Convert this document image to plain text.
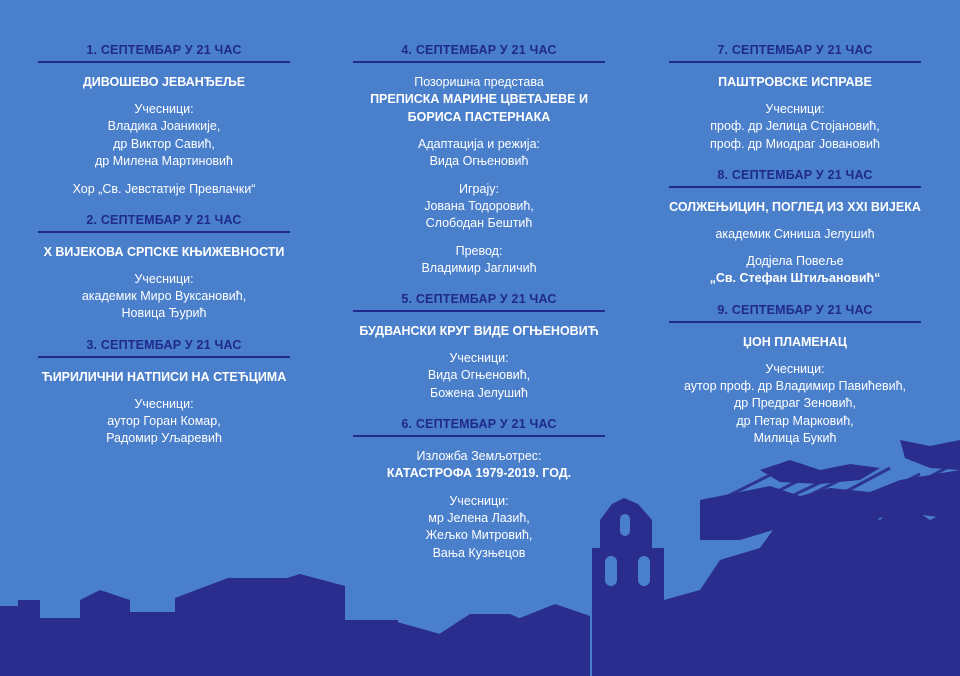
1. СЕПТЕМБАР У 21 ЧАС
ДИВОШЕВО ЈЕВАНЂЕЉЕ
Учесници:
Владика Јоаникије,
др Виктор Савић,
др Милена Мартиновић
Хор „Св. Јевстатије Превлачки“
2. СЕПТЕМБАР У 21 ЧАС
X ВИЈЕКОВА СРПСКЕ КЊИЖЕВНОСТИ
Учесници:
академик Миро Вуксановић,
Новица Ђурић
3. СЕПТЕМБАР У 21 ЧАС
ЋИРИЛИЧНИ НАТПИСИ НА СТЕЋЦИМА
Учесници:
аутор Горан Комар,
Радомир Уљаревић
4. СЕПТЕМБАР У 21 ЧАС
Позоришна представа
ПРЕПИСКА МАРИНЕ ЦВЕТАЈЕВЕ И
БОРИСА ПАСТЕРНАКА
Адаптација и режија:
Вида Огњеновић
Играју:
Јована Тодоровић,
Слободан Бештић
Превод:
Владимир Јагличић
5. СЕПТЕМБАР У 21 ЧАС
БУДВАНСКИ КРУГ ВИДЕ ОГЊЕНОВИЋ
Учесници:
Вида Огњеновић,
Божена Јелушић
6. СЕПТЕМБАР У 21 ЧАС
Изложба Земљотрес:
КАТАСТРОФА 1979-2019. ГОД.
Учесници:
мр Јелена Лазић,
Жељко Митровић,
Вања Кузњецов
7. СЕПТЕМБАР У 21 ЧАС
ПАШТРОВСКЕ ИСПРАВЕ
Учесници:
проф. др Јелица Стојановић,
проф. др Миодраг Јовановић
8. СЕПТЕМБАР У 21 ЧАС
СОЛЖЕЊИЦИН, ПОГЛЕД ИЗ XXI ВИЈЕКА
академик Синиша Јелушић
Додјела Повеље
„Св. Стефан Штиљановић“
9. СЕПТЕМБАР У 21 ЧАС
ЏОН ПЛАМЕНАЦ
Учесници:
аутор проф. др Владимир Павићевић,
др Предраг Зеновић,
др Петар Марковић,
Милица Букић
